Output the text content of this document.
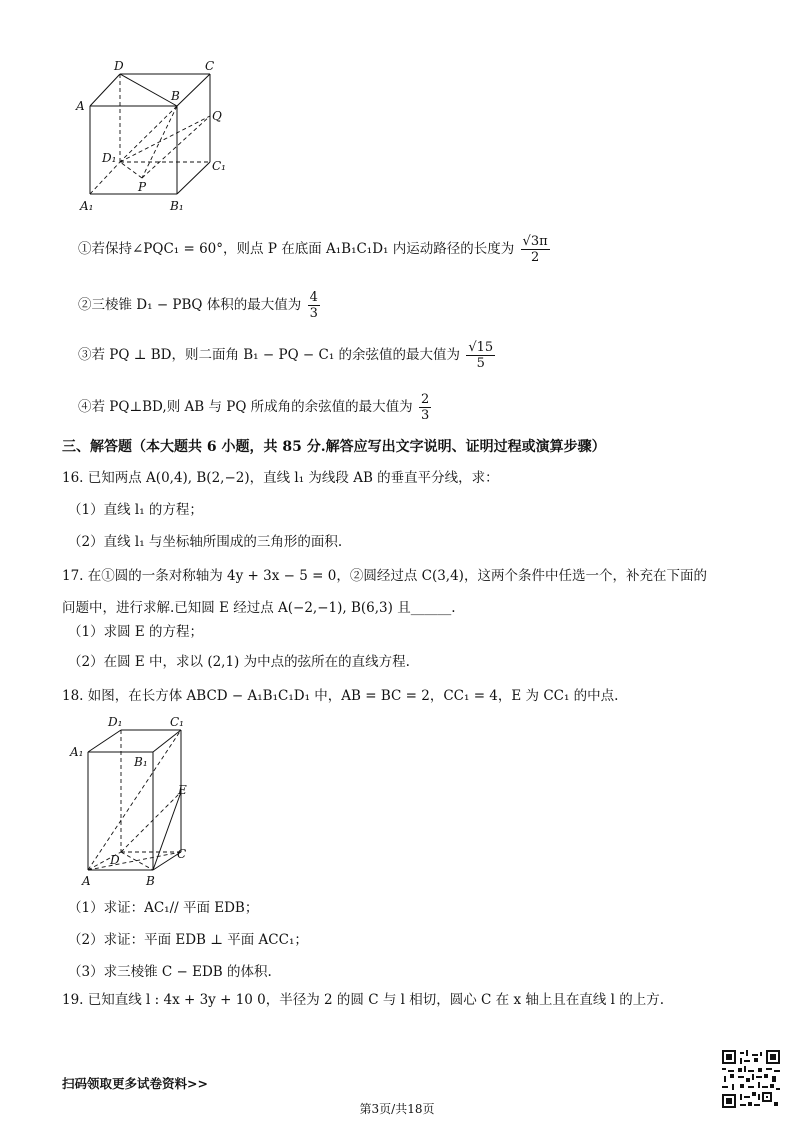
D	C
A
B
Q
D₁
C₁
P
A₁	B₁
①若保持∠PQC₁ = 60°，则点 P 在底面 A₁B₁C₁D₁ 内运动路径的长度为 $\frac{√3\pi}{2}$
②三棱锥 D₁ − PBQ 体积的最大值为 $\frac{4}{3}$
③若 PQ ⊥ BD，则二面角 B₁ − PQ − C₁ 的余弦值的最大值为 $\frac{√15}{5}$
④若 PQ⊥BD,则 AB 与 PQ 所成角的余弦值的最大值为 $\frac{2}{3}$
三、解答题（本大题共 6 小题，共 85 分.解答应写出文字说明、证明过程或演算步骤）
16. 已知两点 A(0,4), B(2,−2)，直线 l₁ 为线段 AB 的垂直平分线，求：
（1）直线 l₁ 的方程；
（2）直线 l₁ 与坐标轴所围成的三角形的面积.
17. 在①圆的一条对称轴为 4y + 3x − 5 = 0，②圆经过点 C(3,4)，这两个条件中任选一个，补充在下面的
问题中，进行求解.已知圆 E 经过点 A(−2,−1), B(6,3) 且______.
（1）求圆 E 的方程；
（2）在圆 E 中，求以 (2,1) 为中点的弦所在的直线方程.
18. 如图，在长方体 ABCD − A₁B₁C₁D₁ 中，AB = BC = 2，CC₁ = 4，E 为 CC₁ 的中点.
D₁	C₁
A₁
B₁
E
D	C
A	B
（1）求证：AC₁// 平面 EDB；
（2）求证：平面 EDB ⊥ 平面 ACC₁；
（3）求三棱锥 C − EDB 的体积.
19. 已知直线 l : 4x + 3y + 10 0，半径为 2 的圆 C 与 l 相切，圆心 C 在 x 轴上且在直线 l 的上方.
扫码领取更多试卷资料>>
第3页/共18页
